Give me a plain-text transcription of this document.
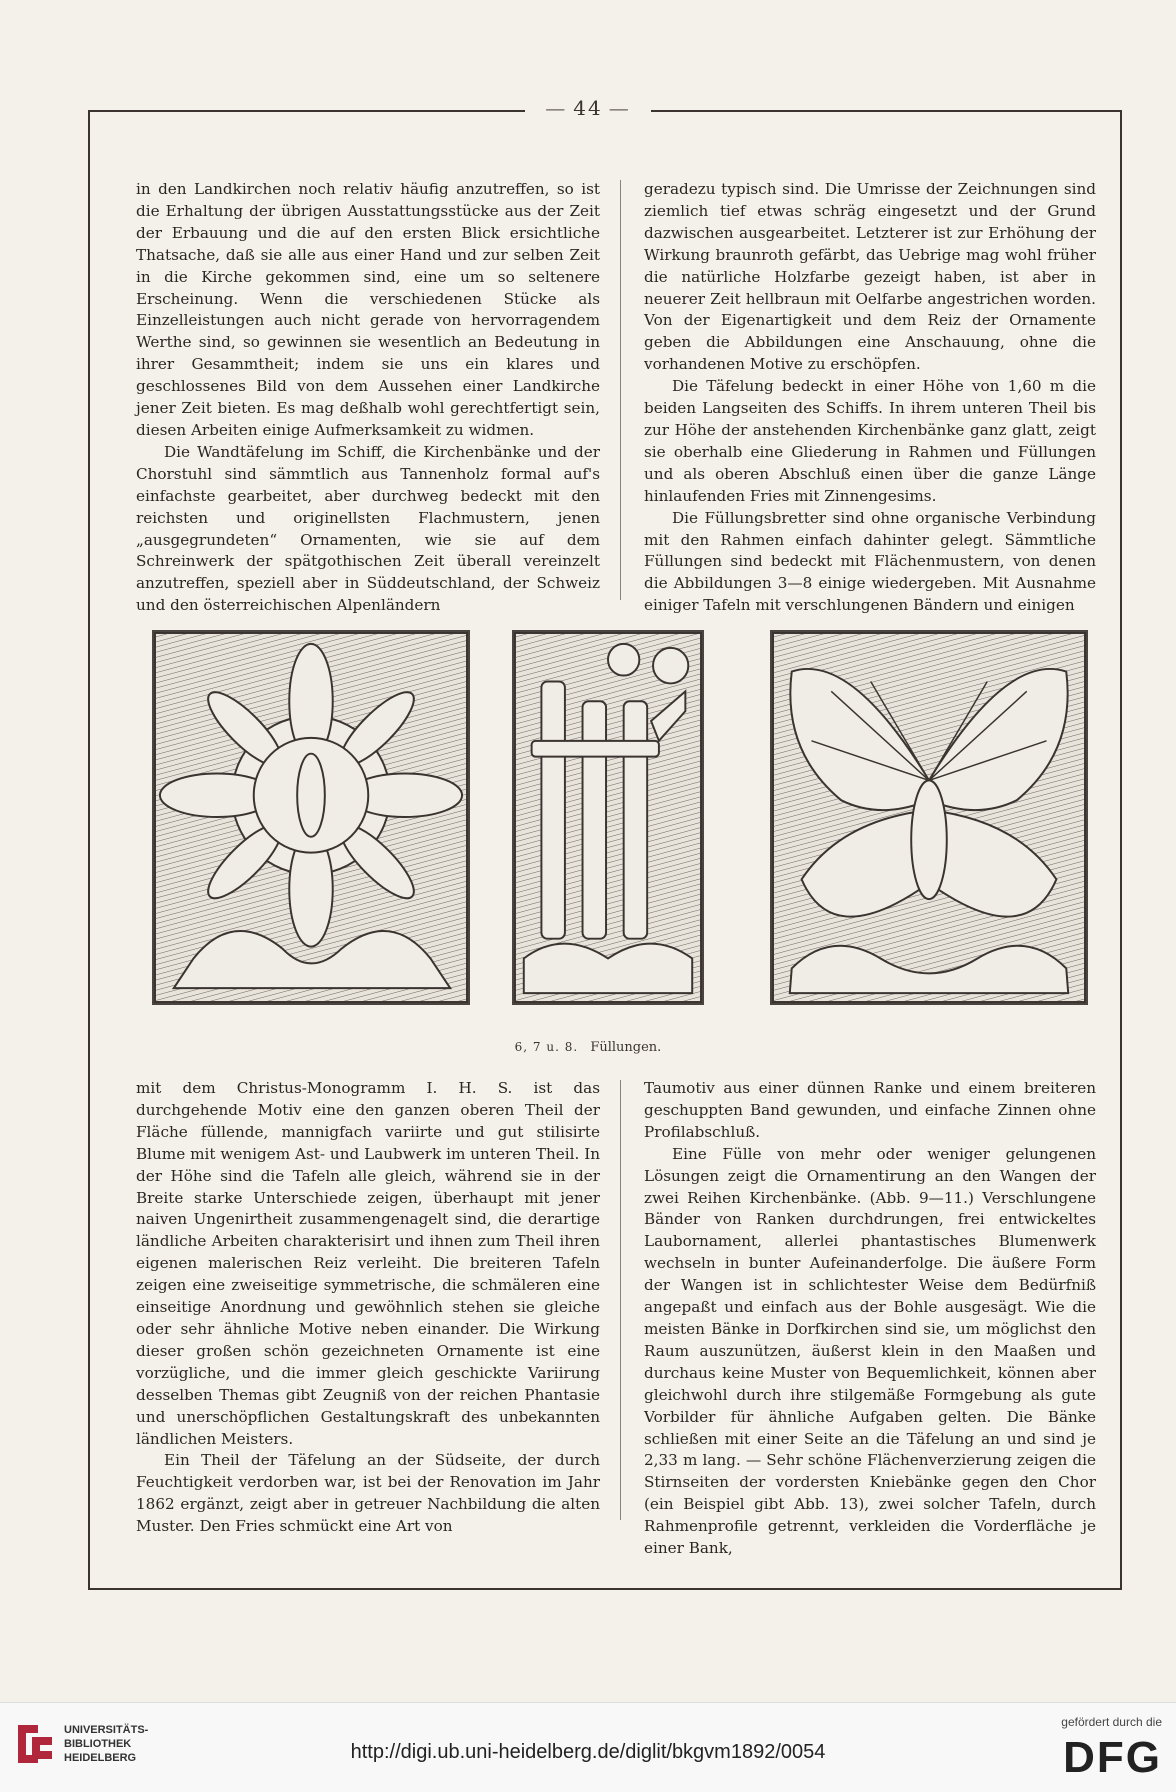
— 44 —

in den Landkirchen noch relativ häufig anzutreffen, so ist die Erhaltung der übrigen Ausstattungsstücke aus der Zeit der Erbauung und die auf den ersten Blick ersichtliche Thatsache, daß sie alle aus einer Hand und zur selben Zeit in die Kirche gekommen sind, eine um so seltenere Erscheinung. Wenn die verschiedenen Stücke als Einzelleistungen auch nicht gerade von hervorragendem Werthe sind, so gewinnen sie wesentlich an Bedeutung in ihrer Gesammtheit; indem sie uns ein klares und geschlossenes Bild von dem Aussehen einer Landkirche jener Zeit bieten. Es mag deßhalb wohl gerechtfertigt sein, diesen Arbeiten einige Aufmerksamkeit zu widmen.

Die Wandtäfelung im Schiff, die Kirchenbänke und der Chorstuhl sind sämmtlich aus Tannenholz formal auf's einfachste gearbeitet, aber durchweg bedeckt mit den reichsten und originellsten Flachmustern, jenen „ausgegrundeten“ Ornamenten, wie sie auf dem Schreinwerk der spätgothischen Zeit überall vereinzelt anzutreffen, speziell aber in Süddeutschland, der Schweiz und den österreichischen Alpenländern

geradezu typisch sind. Die Umrisse der Zeichnungen sind ziemlich tief etwas schräg eingesetzt und der Grund dazwischen ausgearbeitet. Letzterer ist zur Erhöhung der Wirkung braunroth gefärbt, das Uebrige mag wohl früher die natürliche Holzfarbe gezeigt haben, ist aber in neuerer Zeit hellbraun mit Oelfarbe angestrichen worden. Von der Eigenartigkeit und dem Reiz der Ornamente geben die Abbildungen eine Anschauung, ohne die vorhandenen Motive zu erschöpfen.

Die Täfelung bedeckt in einer Höhe von 1,60 m die beiden Langseiten des Schiffs. In ihrem unteren Theil bis zur Höhe der anstehenden Kirchenbänke ganz glatt, zeigt sie oberhalb eine Gliederung in Rahmen und Füllungen und als oberen Abschluß einen über die ganze Länge hinlaufenden Fries mit Zinnengesims.

Die Füllungsbretter sind ohne organische Verbindung mit den Rahmen einfach dahinter gelegt. Sämmtliche Füllungen sind bedeckt mit Flächenmustern, von denen die Abbildungen 3—8 einige wiedergeben. Mit Ausnahme einiger Tafeln mit verschlungenen Bändern und einigen

6, 7 u. 8. Füllungen.

mit dem Christus-Monogramm I. H. S. ist das durchgehende Motiv eine den ganzen oberen Theil der Fläche füllende, mannigfach variirte und gut stilisirte Blume mit wenigem Ast- und Laubwerk im unteren Theil. In der Höhe sind die Tafeln alle gleich, während sie in der Breite starke Unterschiede zeigen, überhaupt mit jener naiven Ungenirtheit zusammengenagelt sind, die derartige ländliche Arbeiten charakterisirt und ihnen zum Theil ihren eigenen malerischen Reiz verleiht. Die breiteren Tafeln zeigen eine zweiseitige symmetrische, die schmäleren eine einseitige Anordnung und gewöhnlich stehen sie gleiche oder sehr ähnliche Motive neben einander. Die Wirkung dieser großen schön gezeichneten Ornamente ist eine vorzügliche, und die immer gleich geschickte Variirung desselben Themas gibt Zeugniß von der reichen Phantasie und unerschöpflichen Gestaltungskraft des unbekannten ländlichen Meisters.

Ein Theil der Täfelung an der Südseite, der durch Feuchtigkeit verdorben war, ist bei der Renovation im Jahr 1862 ergänzt, zeigt aber in getreuer Nachbildung die alten Muster. Den Fries schmückt eine Art von

Taumotiv aus einer dünnen Ranke und einem breiteren geschuppten Band gewunden, und einfache Zinnen ohne Profilabschluß.

Eine Fülle von mehr oder weniger gelungenen Lösungen zeigt die Ornamentirung an den Wangen der zwei Reihen Kirchenbänke. (Abb. 9—11.) Verschlungene Bänder von Ranken durchdrungen, frei entwickeltes Laubornament, allerlei phantastisches Blumenwerk wechseln in bunter Aufeinanderfolge. Die äußere Form der Wangen ist in schlichtester Weise dem Bedürfniß angepaßt und einfach aus der Bohle ausgesägt. Wie die meisten Bänke in Dorfkirchen sind sie, um möglichst den Raum auszunützen, äußerst klein in den Maaßen und durchaus keine Muster von Bequemlichkeit, können aber gleichwohl durch ihre stilgemäße Formgebung als gute Vorbilder für ähnliche Aufgaben gelten. Die Bänke schließen mit einer Seite an die Täfelung an und sind je 2,33 m lang. — Sehr schöne Flächenverzierung zeigen die Stirnseiten der vordersten Kniebänke gegen den Chor (ein Beispiel gibt Abb. 13), zwei solcher Tafeln, durch Rahmenprofile getrennt, verkleiden die Vorderfläche je einer Bank,

UNIVERSITÄTS-
BIBLIOTHEK
HEIDELBERG	http://digi.ub.uni-heidelberg.de/diglit/bkgvm1892/0054
gefördert durch die
DFG
